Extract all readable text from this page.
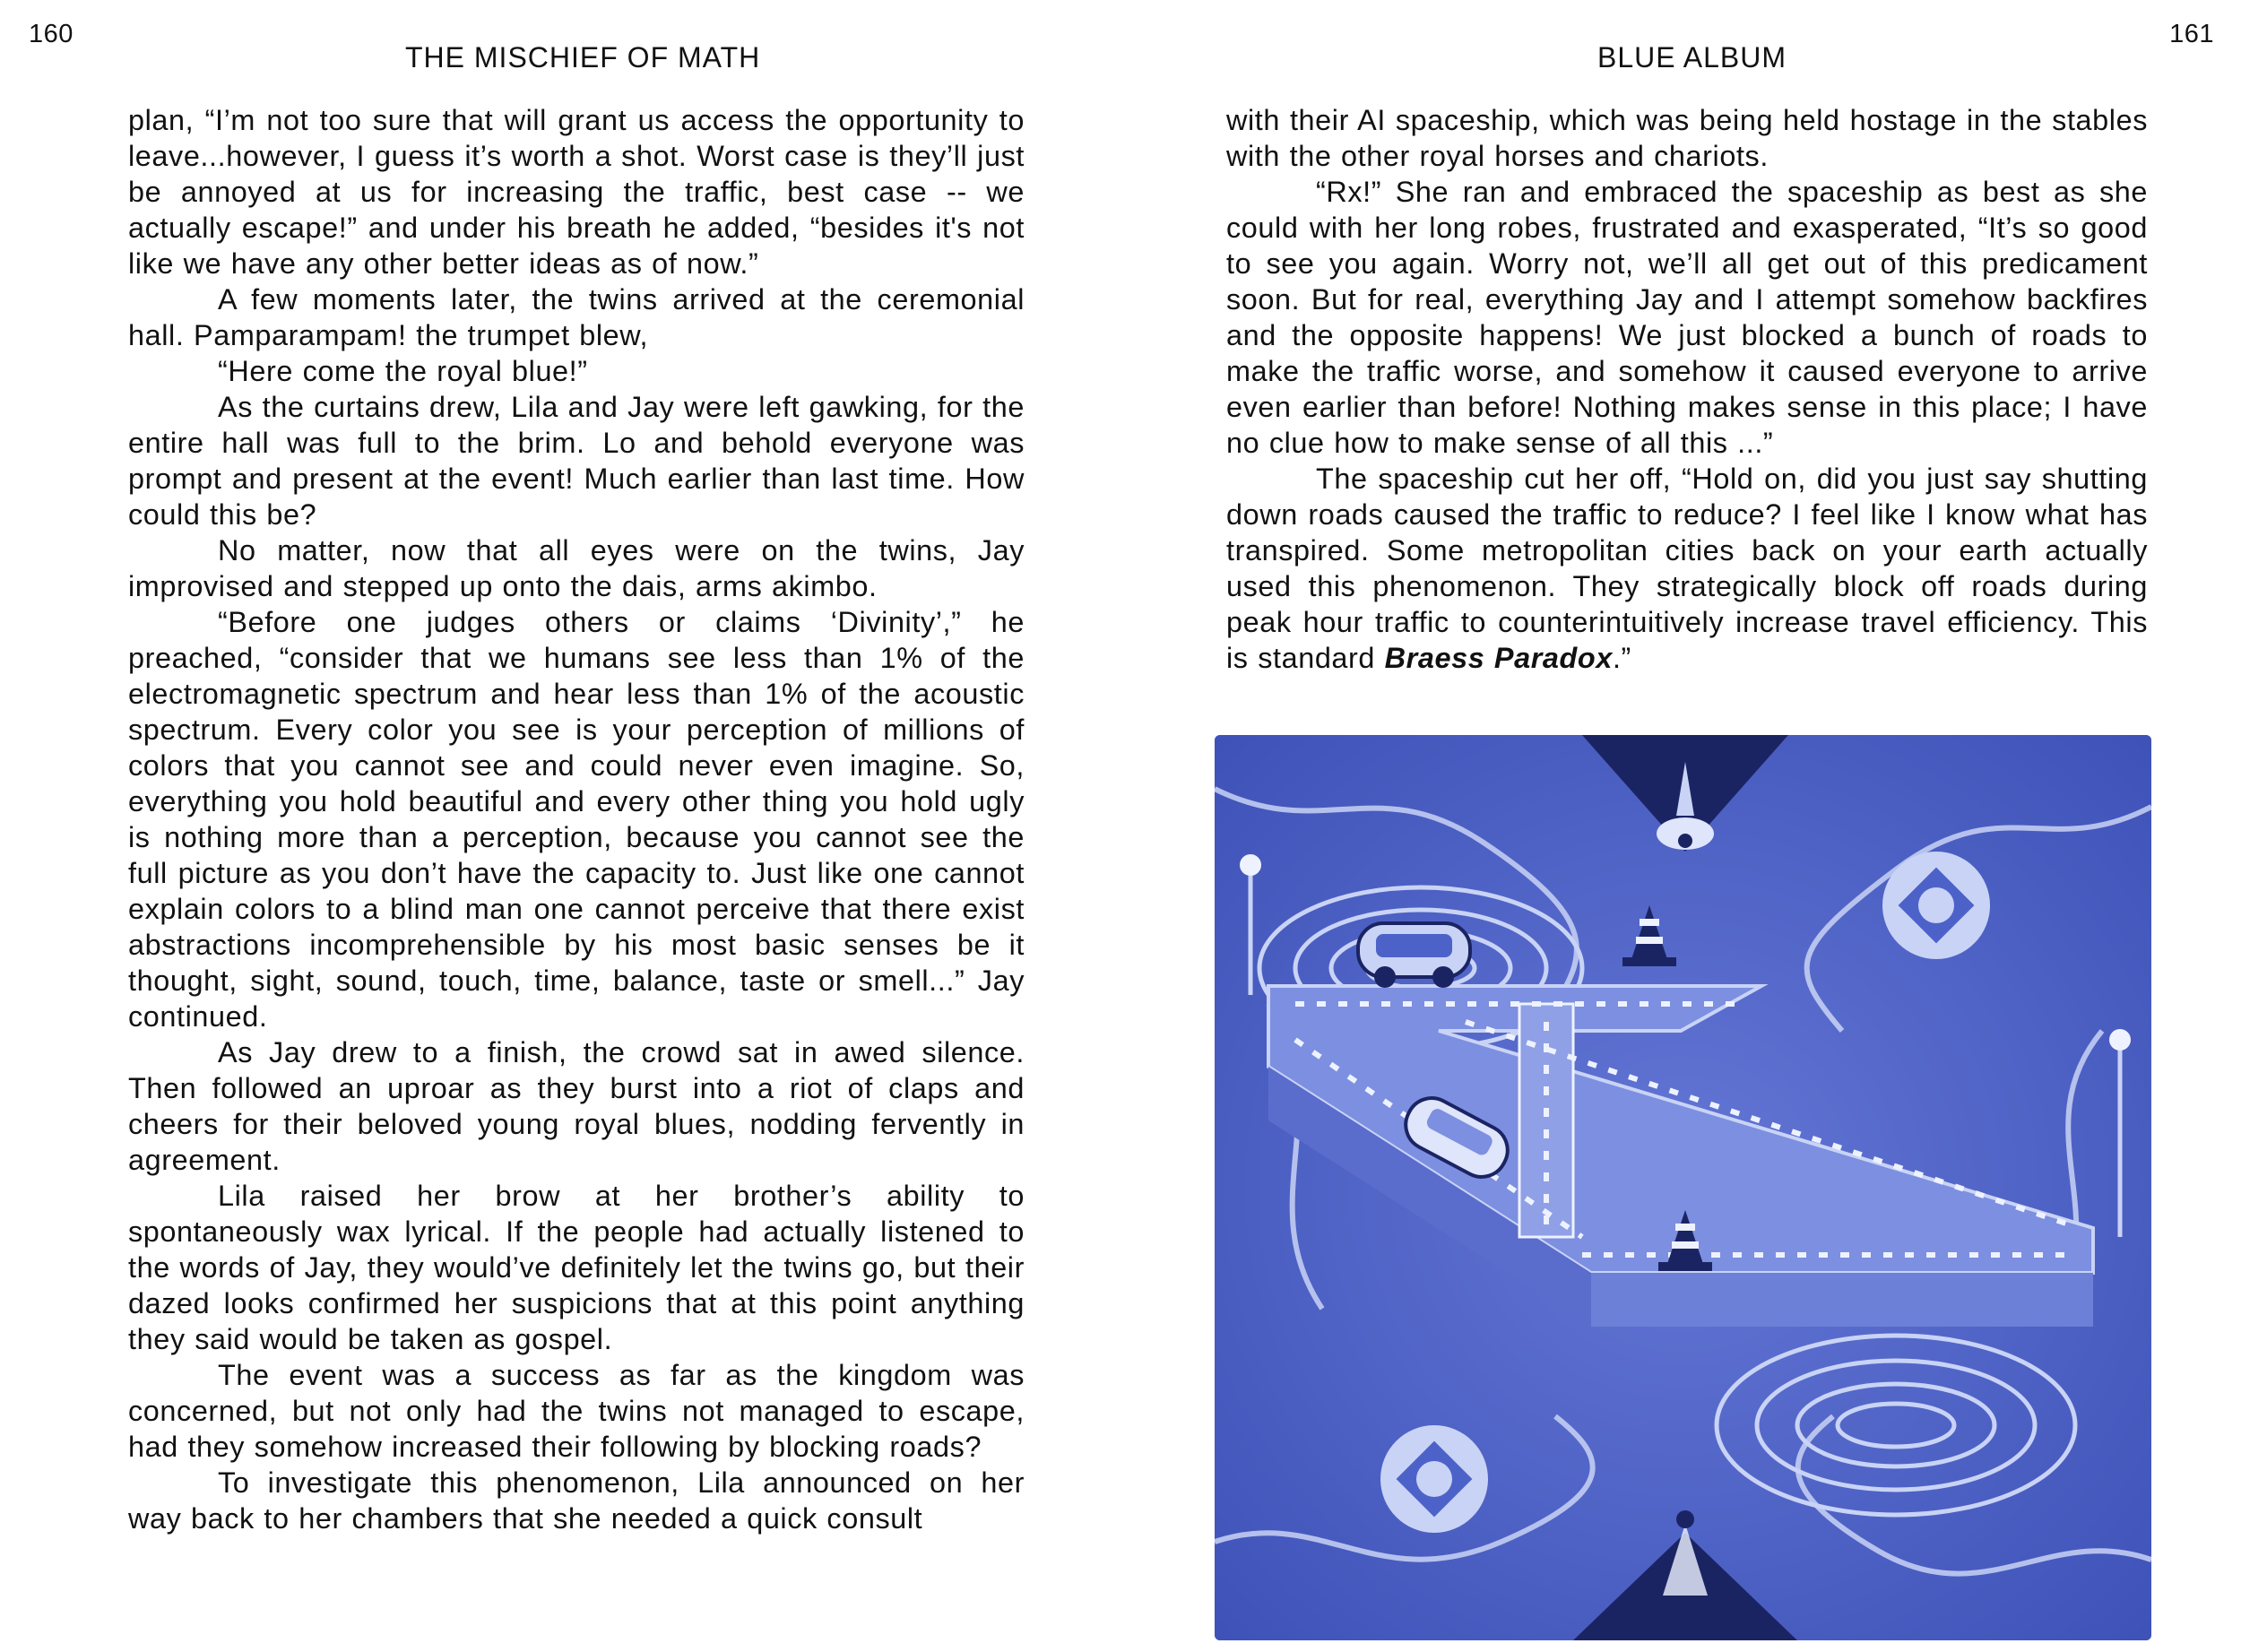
160
THE MISCHIEF OF MATH

plan, “I’m not too sure that will grant us access the opportunity to leave...however, I guess it’s worth a shot. Worst case is they’ll just be annoyed at us for increasing the traffic, best case -- we actually escape!” and under his breath he added, “besides it's not like we have any other better ideas as of now.”

A few moments later, the twins arrived at the ceremonial hall. Pamparampam! the trumpet blew,

“Here come the royal blue!”

As the curtains drew, Lila and Jay were left gawking, for the entire hall was full to the brim. Lo and behold everyone was prompt and present at the event! Much earlier than last time. How could this be?

No matter, now that all eyes were on the twins, Jay improvised and stepped up onto the dais, arms akimbo.

“Before one judges others or claims ‘Divinity’,” he preached, “consider that we humans see less than 1% of the electromagnetic spectrum and hear less than 1% of the acoustic spectrum. Every color you see is your perception of millions of colors that you cannot see and could never even imagine. So, everything you hold beautiful and every other thing you hold ugly is nothing more than a perception, because you cannot see the full picture as you don’t have the capacity to. Just like one cannot explain colors to a blind man one cannot perceive that there exist abstractions incomprehensible by his most basic senses be it thought, sight, sound, touch, time, balance, taste or smell...” Jay continued.

As Jay drew to a finish, the crowd sat in awed silence. Then followed an uproar as they burst into a riot of claps and cheers for their beloved young royal blues, nodding fervently in agreement.

Lila raised her brow at her brother’s ability to spontaneously wax lyrical. If the people had actually listened to the words of Jay, they would’ve definitely let the twins go, but their dazed looks confirmed her suspicions that at this point anything they said would be taken as gospel.

The event was a success as far as the kingdom was concerned, but not only had the twins not managed to escape, had they somehow increased their following by blocking roads?

To investigate this phenomenon, Lila announced on her way back to her chambers that she needed a quick consult

161
BLUE ALBUM

with their AI spaceship, which was being held hostage in the stables with the other royal horses and chariots.

“Rx!” She ran and embraced the spaceship as best as she could with her long robes, frustrated and exasperated, “It’s so good to see you again. Worry not, we’ll all get out of this predicament soon. But for real, everything Jay and I attempt somehow backfires and the opposite happens! We just blocked a bunch of roads to make the traffic worse, and somehow it caused everyone to arrive even earlier than before! Nothing makes sense in this place; I have no clue how to make sense of all this ...”

The spaceship cut her off, “Hold on, did you just say shutting down roads caused the traffic to reduce? I feel like I know what has transpired. Some metropolitan cities back on your earth actually used this phenomenon. They strategically block off roads during peak hour traffic to counterintuitively increase travel efficiency. This is standard Braess Paradox.”
